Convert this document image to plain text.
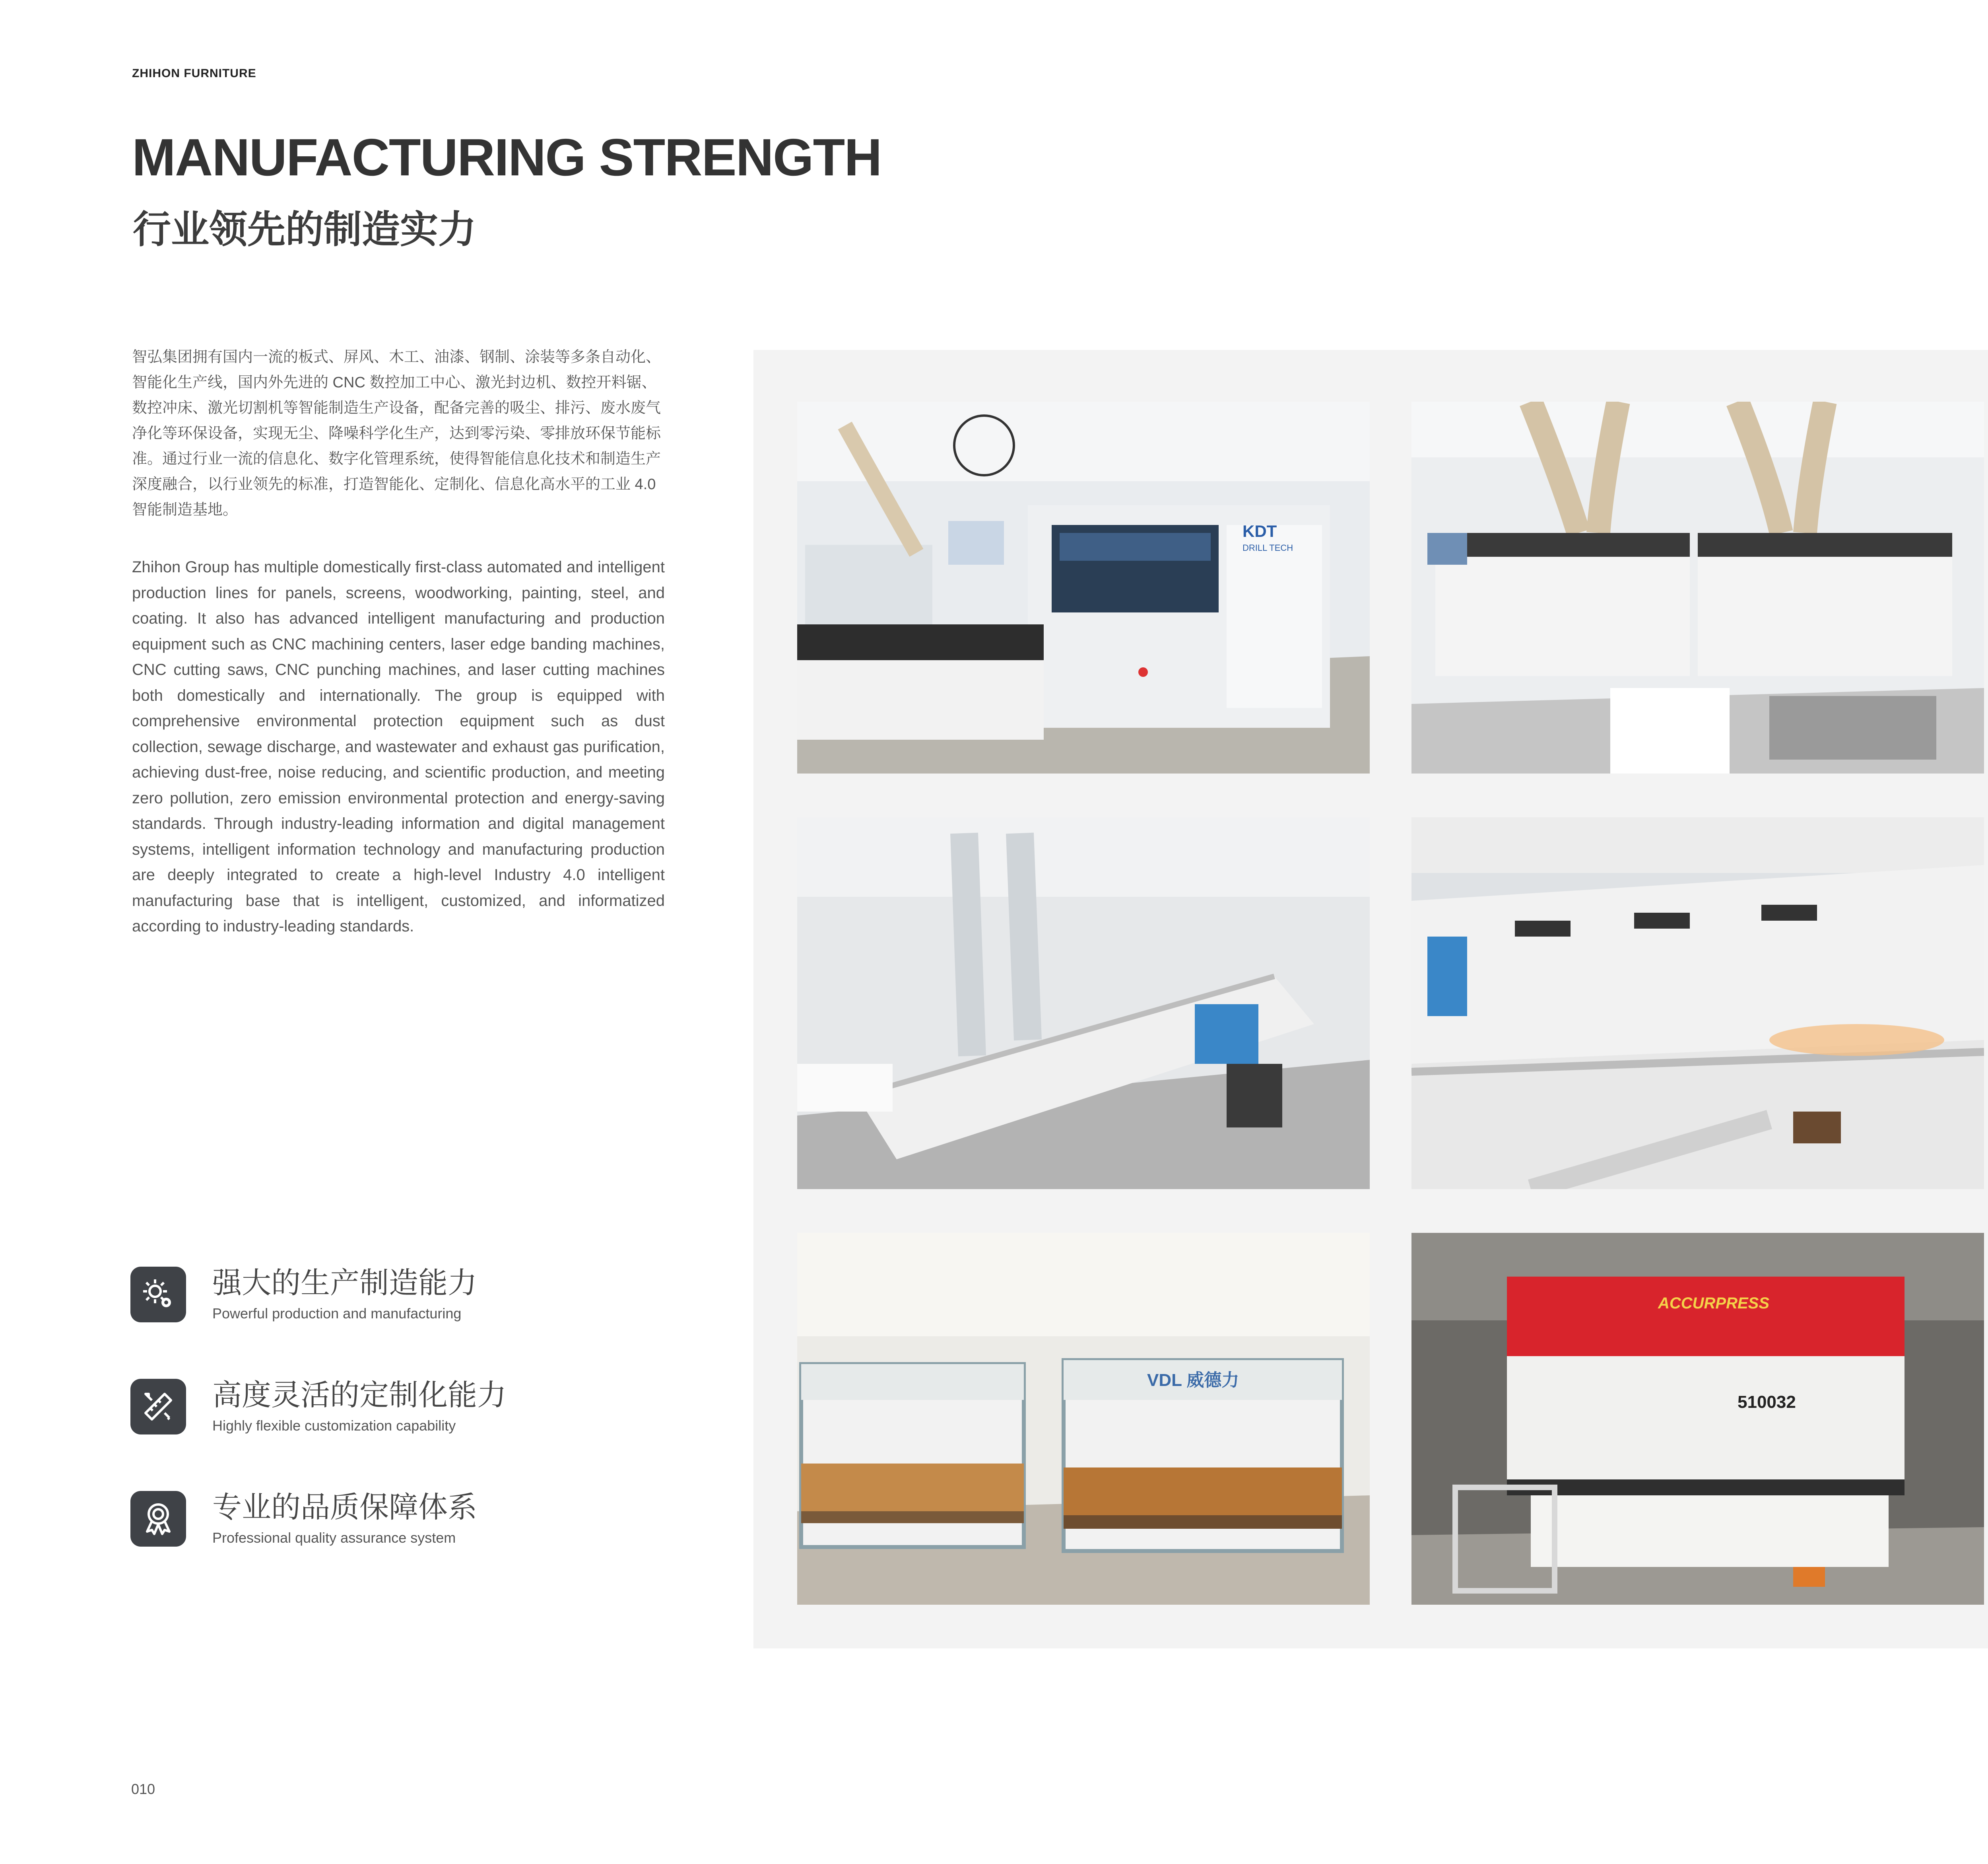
ZHIHON FURNITURE
MANUFACTURING STRENGTH
行业领先的制造实力

智弘集团拥有国内一流的板式、屏风、木工、油漆、钢制、涂装等多条自动化、智能化生产线，国内外先进的 CNC 数控加工中心、激光封边机、数控开料锯、数控冲床、激光切割机等智能制造生产设备，配备完善的吸尘、排污、废水废气净化等环保设备，实现无尘、降噪科学化生产，达到零污染、零排放环保节能标准。通过行业一流的信息化、数字化管理系统，使得智能信息化技术和制造生产深度融合，以行业领先的标准，打造智能化、定制化、信息化高水平的工业 4.0 智能制造基地。

Zhihon Group has multiple domestically first-class automated and intelligent production lines for panels, screens, woodworking, painting, steel, and coating. It also has advanced intelligent manufacturing and production equipment such as CNC machining centers, laser edge banding machines, CNC cutting saws, CNC punching machines, and laser cutting machines both domestically and internationally. The group is equipped with comprehensive environmental protection equipment such as dust collection, sewage discharge, and wastewater and exhaust gas purification, achieving dust-free, noise reducing, and scientific production, and meeting zero pollution, zero emission environmental protection and energy-saving standards. Through industry-leading information and digital management systems, intelligent information technology and manufacturing production are deeply integrated to create a high-level Industry 4.0 intelligent manufacturing base that is intelligent, customized, and informatized according to industry-leading standards.

强大的生产制造能力
Powerful production and manufacturing
高度灵活的定制化能力
Highly flexible customization capability
专业的品质保障体系
Professional quality assurance system
KDT
DRILL TECH
VDL 威德力
ACCURPRESS
510032
010
